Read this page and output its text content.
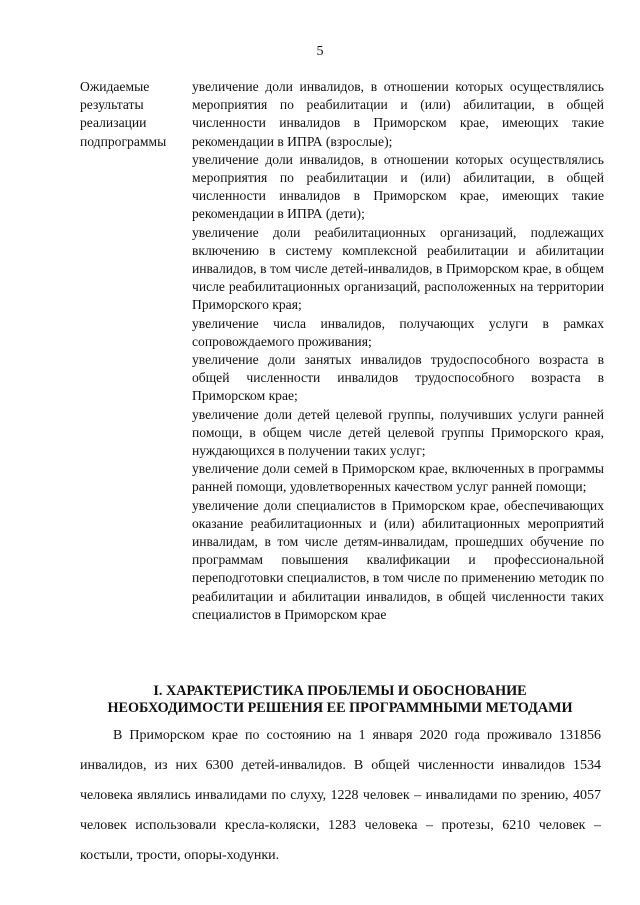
5
Ожидаемые результаты реализации подпрограммы
увеличение доли инвалидов, в отношении которых осуществлялись мероприятия по реабилитации и (или) абилитации, в общей численности инвалидов в Приморском крае, имеющих такие рекомендации в ИПРА (взрослые);
увеличение доли инвалидов, в отношении которых осуществлялись мероприятия по реабилитации и (или) абилитации, в общей численности инвалидов в Приморском крае, имеющих такие рекомендации в ИПРА (дети);
увеличение доли реабилитационных организаций, подлежащих включению в систему комплексной реабилитации и абилитации инвалидов, в том числе детей-инвалидов, в Приморском крае, в общем числе реабилитационных организаций, расположенных на территории Приморского края;
увеличение числа инвалидов, получающих услуги в рамках сопровождаемого проживания;
увеличение доли занятых инвалидов трудоспособного возраста в общей численности инвалидов трудоспособного возраста в Приморском крае;
увеличение доли детей целевой группы, получивших услуги ранней помощи, в общем числе детей целевой группы Приморского края, нуждающихся в получении таких услуг;
увеличение доли семей в Приморском крае, включенных в программы ранней помощи, удовлетворенных качеством услуг ранней помощи;
увеличение доли специалистов в Приморском крае, обеспечивающих оказание реабилитационных и (или) абилитационных мероприятий инвалидам, в том числе детям-инвалидам, прошедших обучение по программам повышения квалификации и профессиональной переподготовки специалистов, в том числе по применению методик по реабилитации и абилитации инвалидов, в общей численности таких специалистов в Приморском крае
I. ХАРАКТЕРИСТИКА ПРОБЛЕМЫ И ОБОСНОВАНИЕ
НЕОБХОДИМОСТИ РЕШЕНИЯ ЕЕ ПРОГРАММНЫМИ МЕТОДАМИ
В Приморском крае по состоянию на 1 января 2020 года проживало 131856 инвалидов, из них 6300 детей-инвалидов. В общей численности инвалидов 1534 человека являлись инвалидами по слуху, 1228 человек – инвалидами по зрению, 4057 человек использовали кресла-коляски, 1283 человека – протезы, 6210 человек – костыли, трости, опоры-ходунки.
